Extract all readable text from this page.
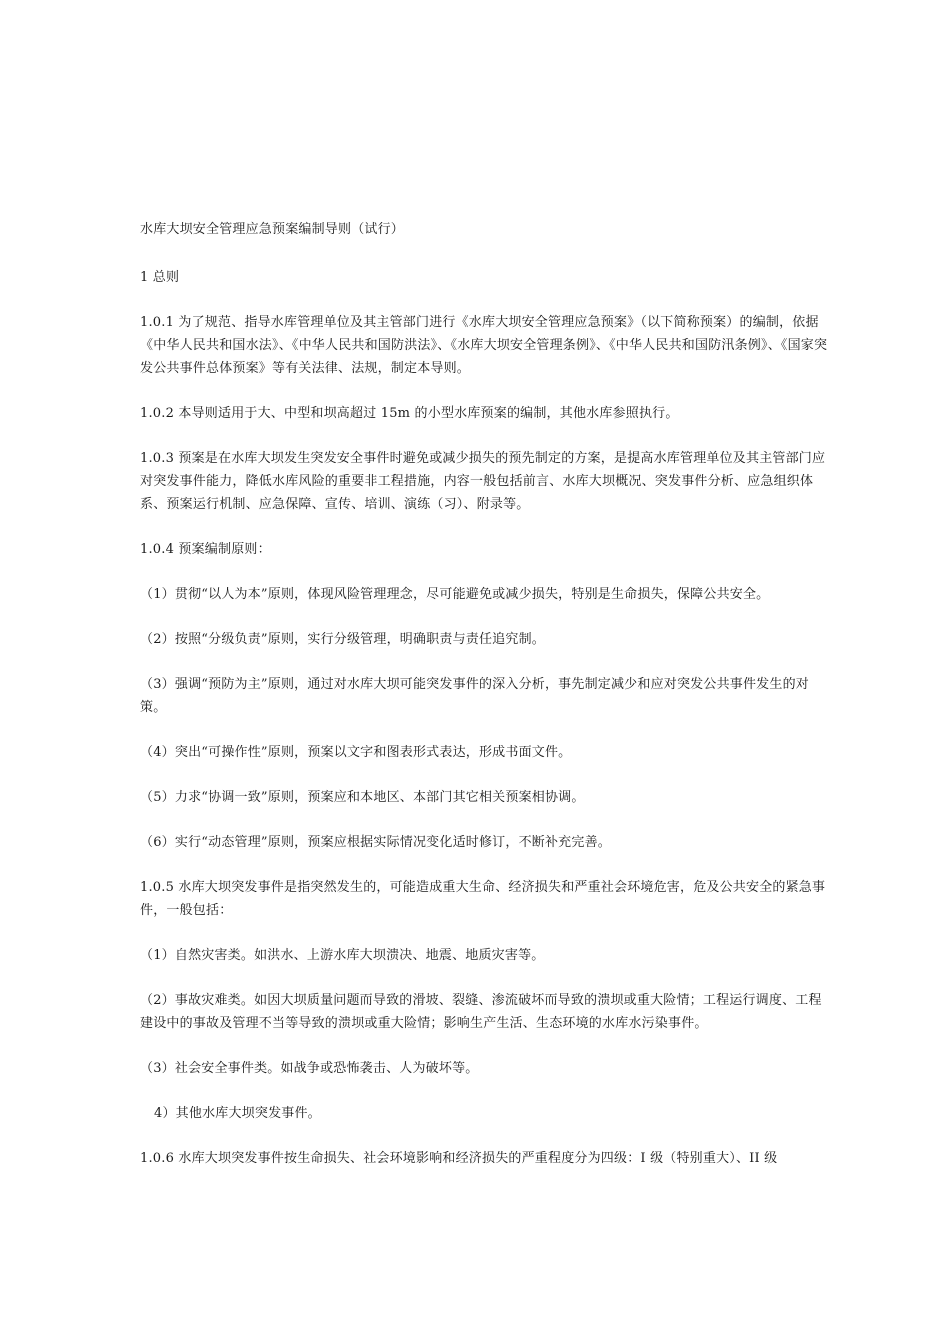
水库大坝安全管理应急预案编制导则（试行）

1 总则

1.0.1 为了规范、指导水库管理单位及其主管部门进行《水库大坝安全管理应急预案》（以下简称预案）的编制，依据《中华人民共和国水法》、《中华人民共和国防洪法》、《水库大坝安全管理条例》、《中华人民共和国防汛条例》、《国家突发公共事件总体预案》等有关法律、法规，制定本导则。

1.0.2 本导则适用于大、中型和坝高超过 15m 的小型水库预案的编制，其他水库参照执行。

1.0.3 预案是在水库大坝发生突发安全事件时避免或减少损失的预先制定的方案，是提高水库管理单位及其主管部门应对突发事件能力，降低水库风险的重要非工程措施，内容一般包括前言、水库大坝概况、突发事件分析、应急组织体系、预案运行机制、应急保障、宣传、培训、演练（习）、附录等。

1.0.4 预案编制原则：

（1）贯彻“以人为本”原则，体现风险管理理念，尽可能避免或减少损失，特别是生命损失，保障公共安全。

（2）按照“分级负责”原则，实行分级管理，明确职责与责任追究制。

（3）强调“预防为主”原则，通过对水库大坝可能突发事件的深入分析，事先制定减少和应对突发公共事件发生的对策。

（4）突出“可操作性”原则，预案以文字和图表形式表达，形成书面文件。

（5）力求“协调一致”原则，预案应和本地区、本部门其它相关预案相协调。

（6）实行“动态管理”原则，预案应根据实际情况变化适时修订，不断补充完善。

1.0.5 水库大坝突发事件是指突然发生的，可能造成重大生命、经济损失和严重社会环境危害，危及公共安全的紧急事件，一般包括：

（1）自然灾害类。如洪水、上游水库大坝溃决、地震、地质灾害等。

（2）事故灾难类。如因大坝质量问题而导致的滑坡、裂缝、渗流破坏而导致的溃坝或重大险情；工程运行调度、工程建设中的事故及管理不当等导致的溃坝或重大险情；影响生产生活、生态环境的水库水污染事件。

（3）社会安全事件类。如战争或恐怖袭击、人为破坏等。

4）其他水库大坝突发事件。

1.0.6 水库大坝突发事件按生命损失、社会环境影响和经济损失的严重程度分为四级：I 级（特别重大）、II 级
